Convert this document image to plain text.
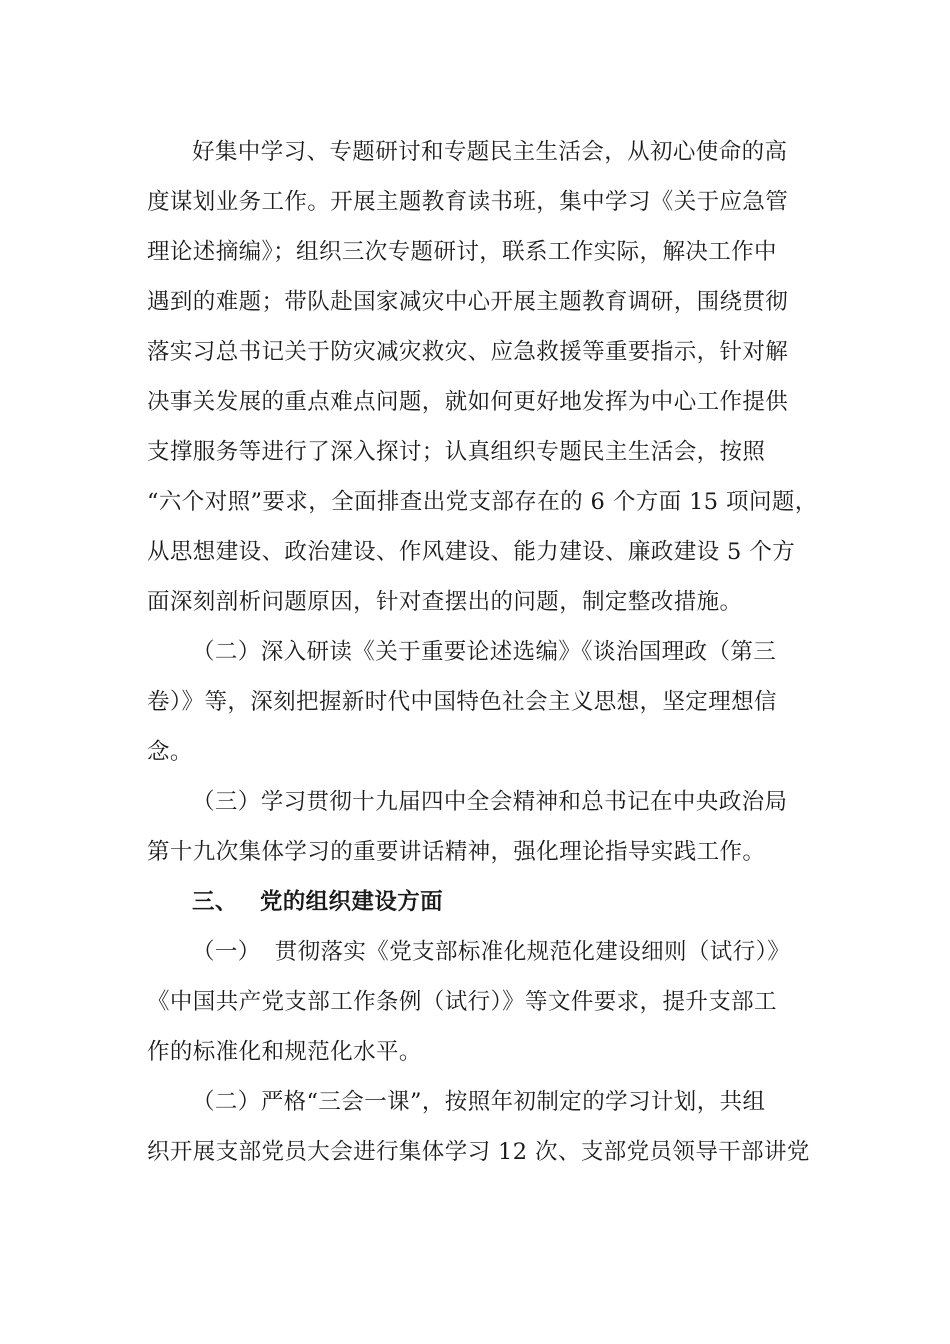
好集中学习、专题研讨和专题民主生活会，从初心使命的高
度谋划业务工作。开展主题教育读书班，集中学习《关于应急管
理论述摘编》；组织三次专题研讨，联系工作实际，解决工作中
遇到的难题；带队赴国家减灾中心开展主题教育调研，围绕贯彻
落实习总书记关于防灾减灾救灾、应急救援等重要指示，针对解
决事关发展的重点难点问题，就如何更好地发挥为中心工作提供
支撑服务等进行了深入探讨；认真组织专题民主生活会，按照
“六个对照”要求，全面排查出党支部存在的 6 个方面 15 项问题，
从思想建设、政治建设、作风建设、能力建设、廉政建设 5 个方
面深刻剖析问题原因，针对查摆出的问题，制定整改措施。
（二）深入研读《关于重要论述选编》《谈治国理政（第三
卷）》等，深刻把握新时代中国特色社会主义思想，坚定理想信
念。
（三）学习贯彻十九届四中全会精神和总书记在中央政治局
第十九次集体学习的重要讲话精神，强化理论指导实践工作。
三、 党的组织建设方面
（一） 贯彻落实《党支部标准化规范化建设细则（试行）》
《中国共产党支部工作条例（试行）》等文件要求，提升支部工
作的标准化和规范化水平。
（二）严格“三会一课”，按照年初制定的学习计划，共组
织开展支部党员大会进行集体学习 12 次、支部党员领导干部讲党
